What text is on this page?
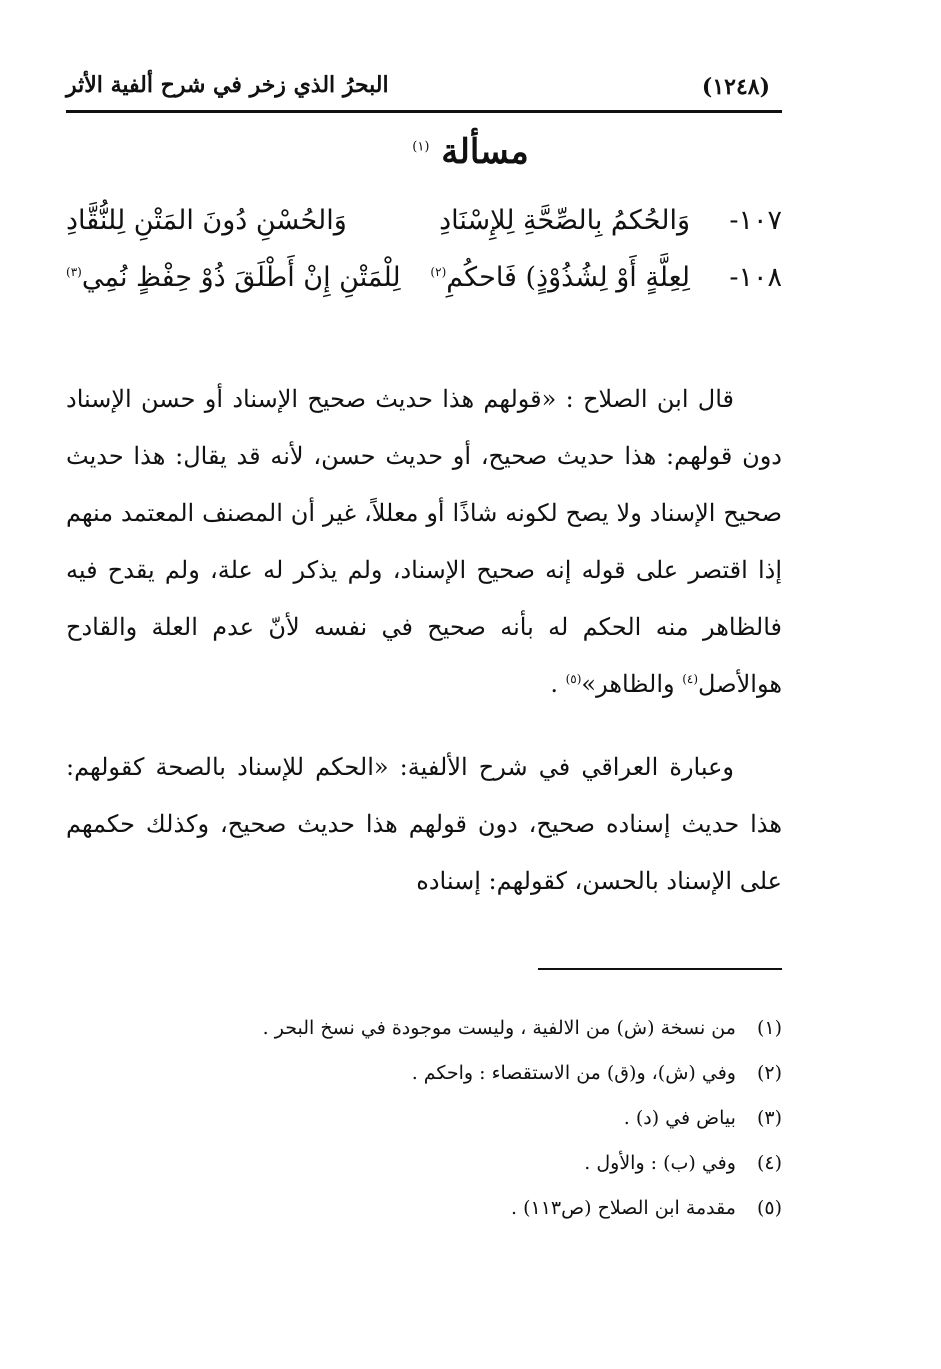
(١٢٤٨)
البحرُ الذي زخر في شرح ألفية الأثر
مسألة $^{(١)}$
١٠٧-
وَالحُكمُ بِالصِّحَّةِ لِلإِسْنَادِ
وَالحُسْنِ دُونَ المَتْنِ لِلنُّقَّادِ
١٠٨-
لِعِلَّةٍ أَوْ لِشُذُوْذٍ) فَاحكُمِ$^{(٢)}$
لِلْمَتْنِ إِنْ أَطْلَقَ ذُوْ حِفْظٍ نُمِي$^{(٣)}$

قال ابن الصلاح : «قولهم هذا حديث صحيح الإسناد أو حسن الإسناد دون قولهم: هذا حديث صحيح، أو حديث حسن، لأنه قد يقال: هذا حديث صحيح الإسناد ولا يصح لكونه شاذًا أو معللاً، غير أن المصنف المعتمد منهم إذا اقتصر على قوله إنه صحيح الإسناد، ولم يذكر له علة، ولم يقدح فيه فالظاهر منه الحكم له بأنه صحيح في نفسه لأنّ عدم العلة والقادح هوالأصل$^{(٤)}$ والظاهر»$^{(٥)}$ .

وعبارة العراقي في شرح الألفية: «الحكم للإسناد بالصحة كقولهم: هذا حديث إسناده صحيح، دون قولهم هذا حديث صحيح، وكذلك حكمهم على الإسناد بالحسن، كقولهم: إسناده

(١) من نسخة (ش) من الالفية ، وليست موجودة في نسخ البحر .
(٢) وفي (ش)، و(ق) من الاستقصاء : واحكم .
(٣) بياض في (د) .
(٤) وفي (ب) : والأول .
(٥) مقدمة ابن الصلاح (ص١١٣) .
